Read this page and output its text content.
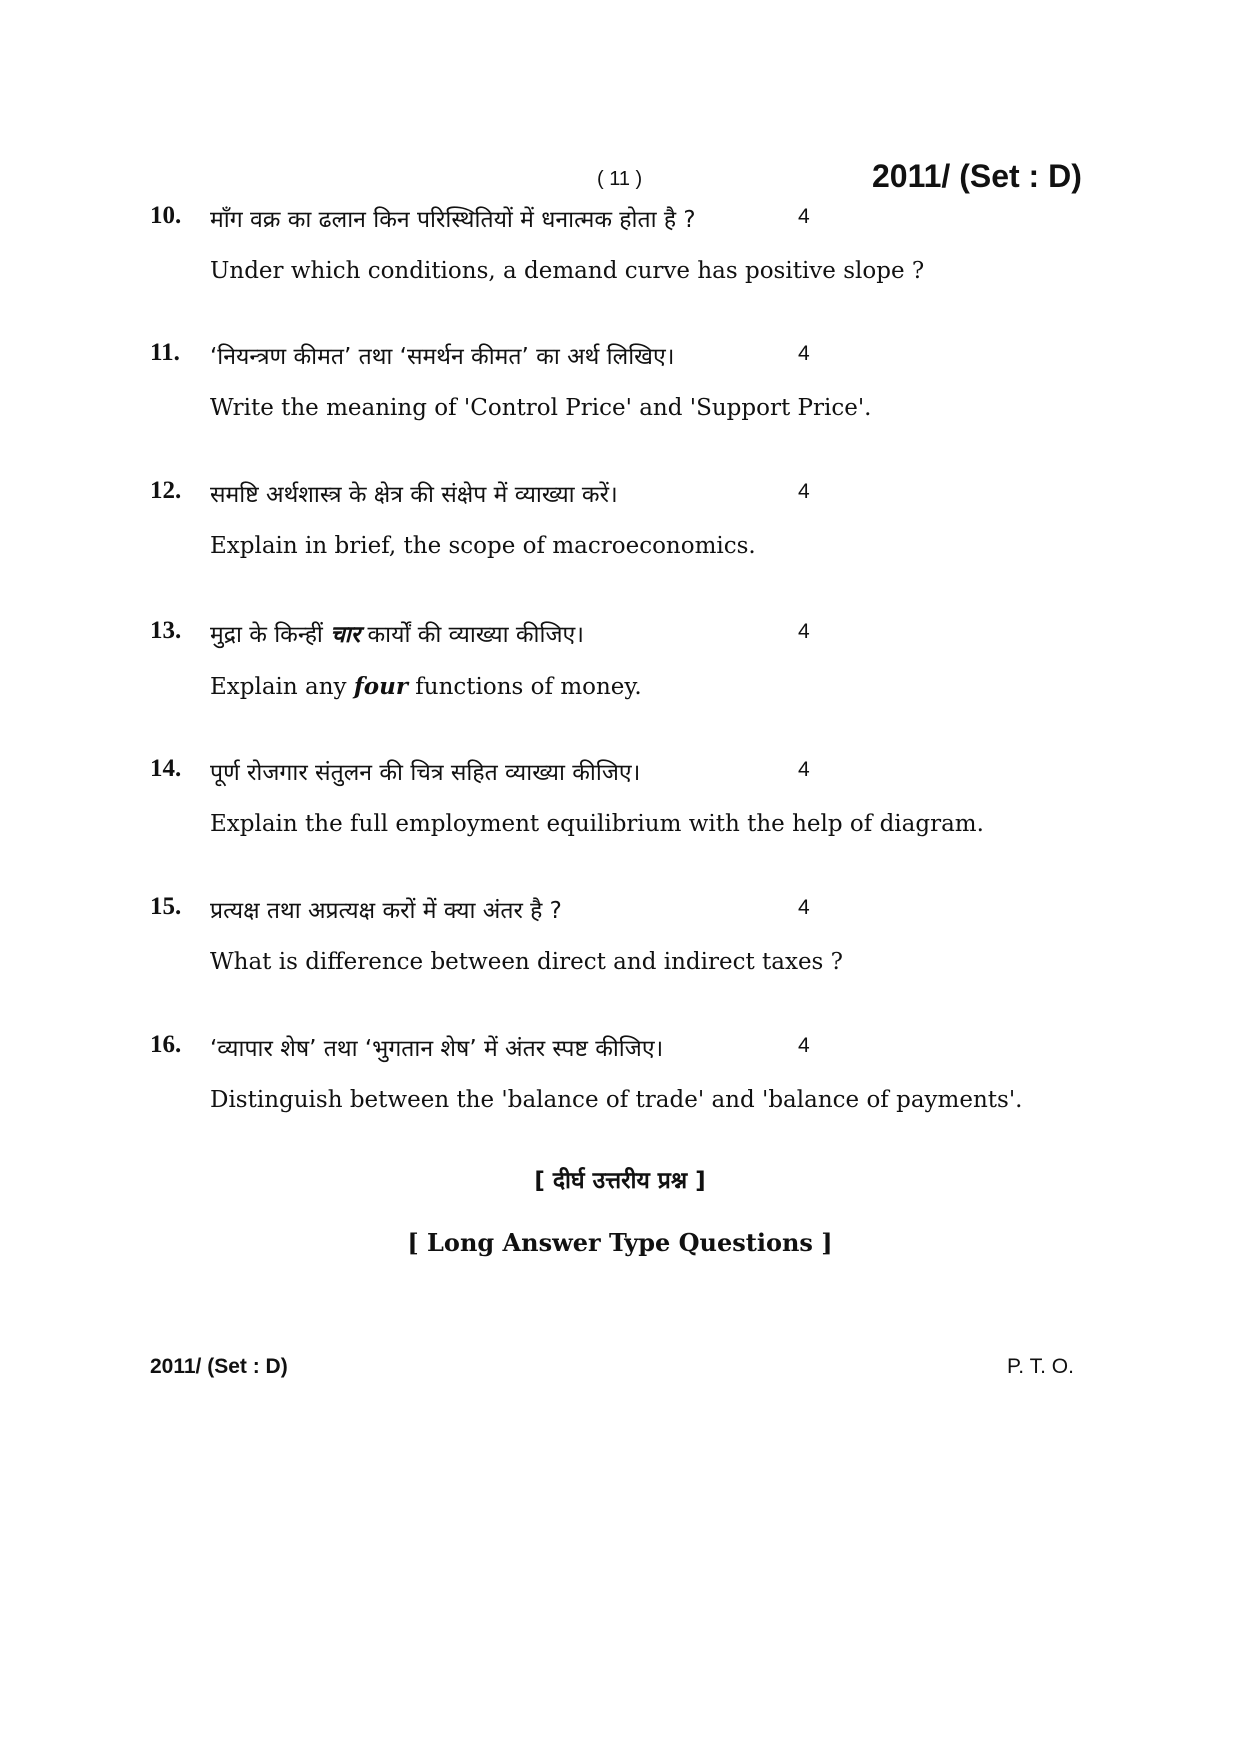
( 11 )	2011/ (Set : D)
10. माँग वक्र का ढलान किन परिस्थितियों में धनात्मक होता है ?	4
Under which conditions, a demand curve has positive slope ?
11. ‘नियन्त्रण कीमत’ तथा ‘समर्थन कीमत’ का अर्थ लिखिए।	4
Write the meaning of 'Control Price' and 'Support Price'.
12. समष्टि अर्थशास्त्र के क्षेत्र की संक्षेप में व्याख्या करें।	4
Explain in brief, the scope of macroeconomics.
13. मुद्रा के किन्हीं चार कार्यों की व्याख्या कीजिए।	4
Explain any four functions of money.
14. पूर्ण रोजगार संतुलन की चित्र सहित व्याख्या कीजिए।	4
Explain the full employment equilibrium with the help of diagram.
15. प्रत्यक्ष तथा अप्रत्यक्ष करों में क्या अंतर है ?	4
What is difference between direct and indirect taxes ?
16. ‘व्यापार शेष’ तथा ‘भुगतान शेष’ में अंतर स्पष्ट कीजिए।	4
Distinguish between the 'balance of trade' and 'balance of payments'.
[ दीर्घ उत्तरीय प्रश्न ]
[ Long Answer Type Questions ]
2011/ (Set : D)	P. T. O.
